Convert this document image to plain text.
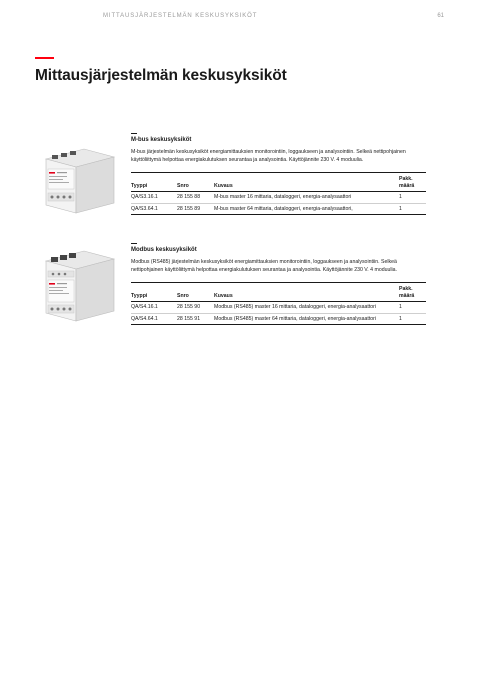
MITTAUSJÄRJESTELMÄN KESKUSYKSIKÖT	61
Mittausjärjestelmän keskusyksiköt
M-bus keskusyksiköt

M-bus järjestelmän keskusyksiköt energiamittauksien monitorointiin, loggaukseen ja analysointiin. Selkeä nettipohjainen käyttöliittymä helpottaa energiakulutuksen seurantaa ja analysointia. Käyttöjännite 230 V. 4 moduulia.

Tyyppi	Snro	Kuvaus	Pakk. määrä
QA/S3.16.1	28 155 88	M-bus master 16 mittaria, dataloggeri, energia-analysaattori	1
QA/S3.64.1	28 155 89	M-bus master 64 mittaria, dataloggeri, energia-analysaattori,	1
Modbus keskusyksiköt

Modbus (RS485) järjestelmän keskusyksiköt energiamittauksien monitorointiin, loggaukseen ja analysointiin. Selkeä nettipohjainen käyttöliittymä helpottaa energiakulutuksen seurantaa ja analysointia. Käyttöjännite 230 V. 4 moduulia.

Tyyppi	Snro	Kuvaus	Pakk. määrä
QA/S4.16.1	28 155 90	Modbus (RS485) master 16 mittaria, dataloggeri, energia-analysaattori	1
QA/S4.64.1	28 155 91	Modbus (RS485) master 64 mittaria, dataloggeri, energia-analysaattori	1
